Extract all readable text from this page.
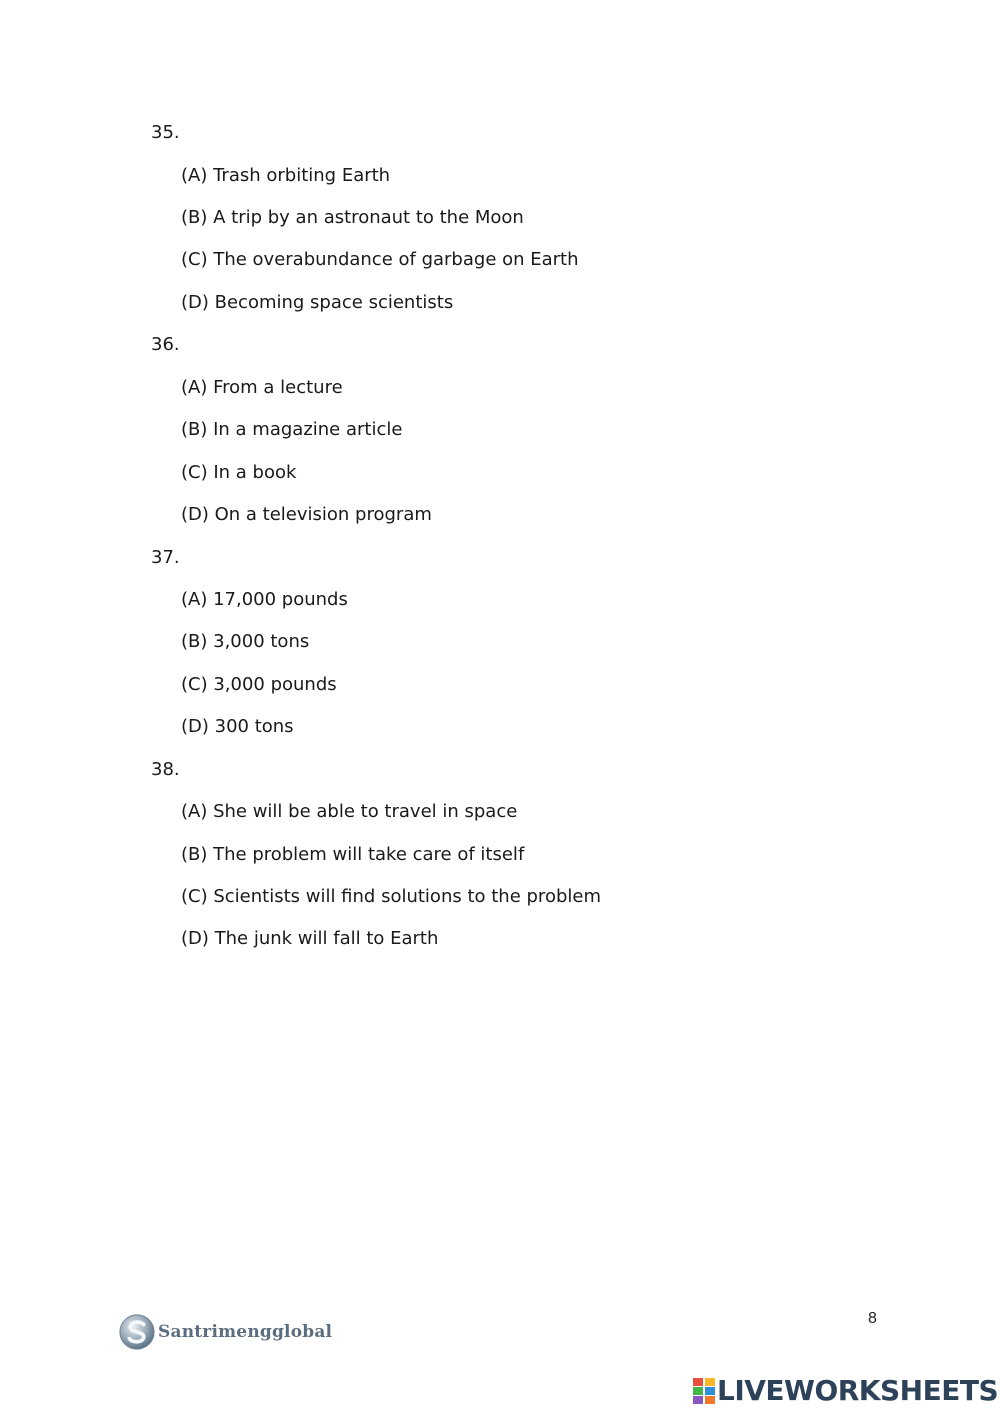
35.
(A) Trash orbiting Earth
(B) A trip by an astronaut to the Moon
(C) The overabundance of garbage on Earth
(D) Becoming space scientists
36.
(A) From a lecture
(B) In a magazine article
(C) In a book
(D) On a television program
37.
(A) 17,000 pounds
(B) 3,000 tons
(C) 3,000 pounds
(D) 300 tons
38.
(A) She will be able to travel in space
(B) The problem will take care of itself
(C) Scientists will find solutions to the problem
(D) The junk will fall to Earth
Santrimengglobal
8
LIVEWORKSHEETS
